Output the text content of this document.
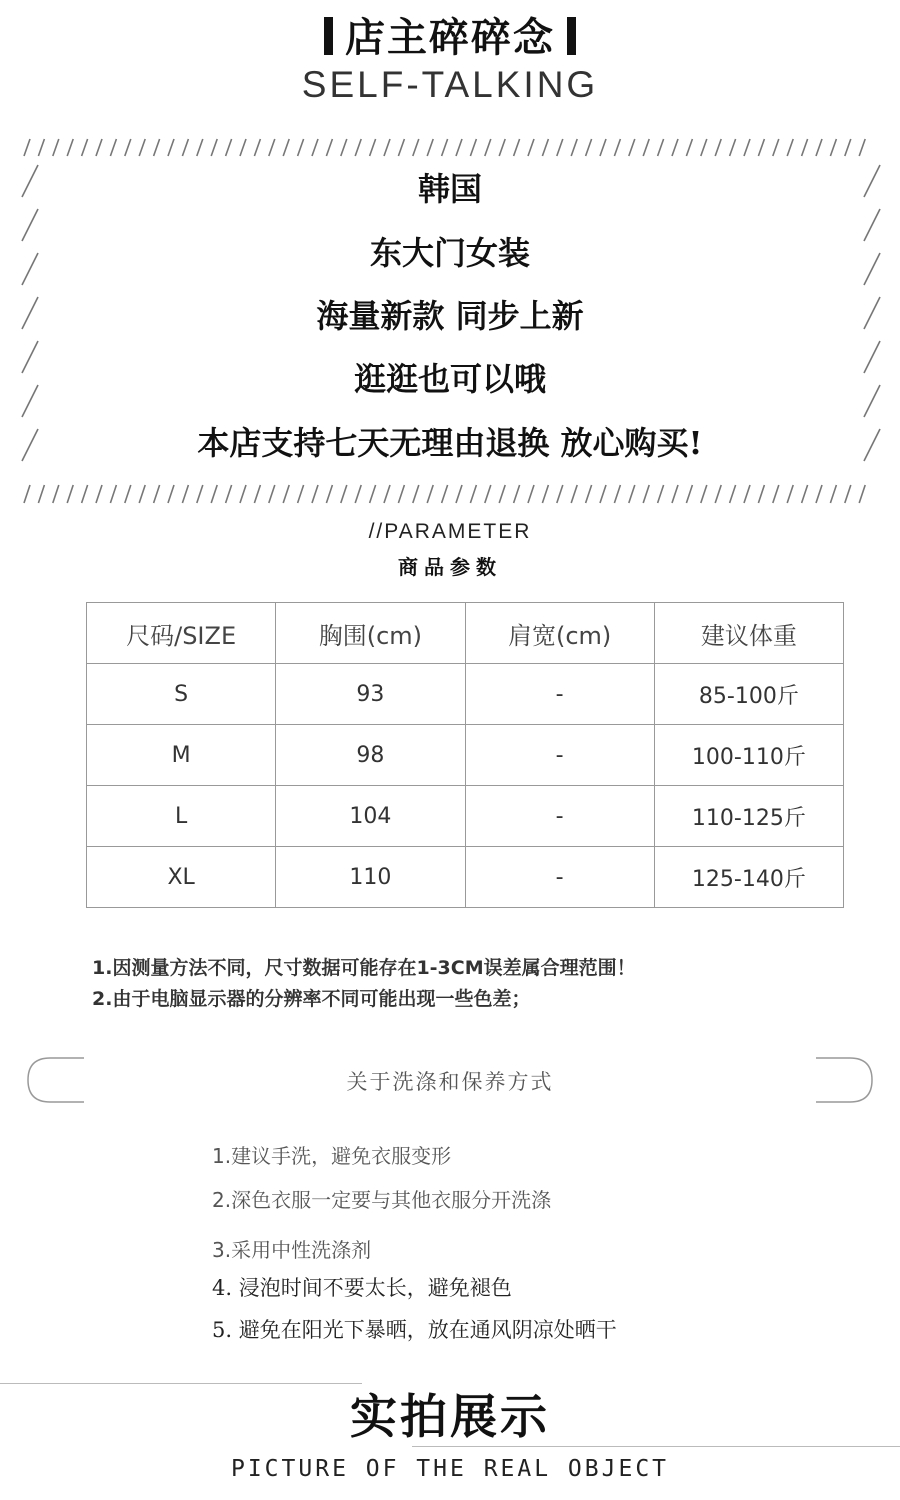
店主碎碎念
SELF-TALKING
韩国
东大门女装
海量新款 同步上新
逛逛也可以哦
本店支持七天无理由退换 放心购买!
//PARAMETER
商品参数
尺码/SIZE	胸围(cm)	肩宽(cm)	建议体重
S	93	-	85-100斤
M	98	-	100-110斤
L	104	-	110-125斤
XL	110	-	125-140斤
1.因测量方法不同，尺寸数据可能存在1-3CM误差属合理范围！
2.由于电脑显示器的分辨率不同可能出现一些色差；
关于洗涤和保养方式
1.建议手洗，避免衣服变形
2.深色衣服一定要与其他衣服分开洗涤
3.采用中性洗涤剂
4. 浸泡时间不要太长，避免褪色
5. 避免在阳光下暴晒，放在通风阴凉处晒干
实拍展示
PICTURE OF THE REAL OBJECT
